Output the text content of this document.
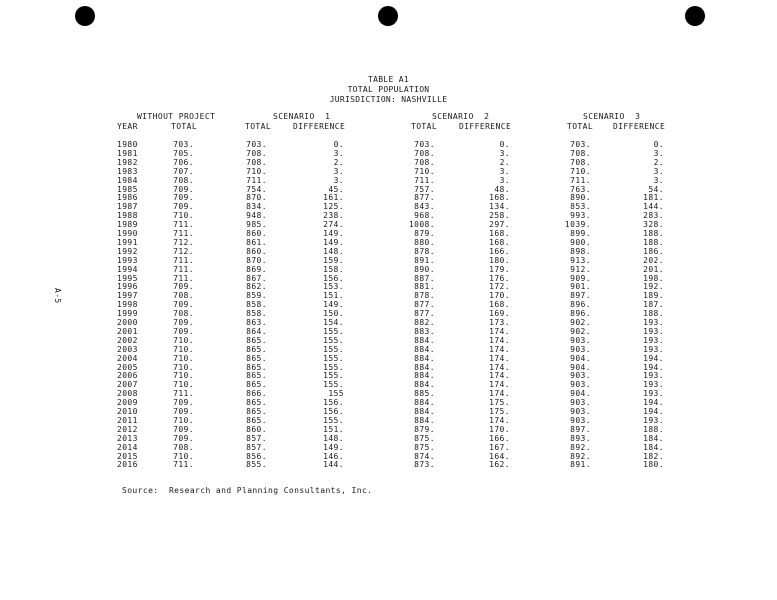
A-5
TABLE A1
TOTAL POPULATION
JURISDICTION: NASHVILLE
WITHOUT PROJECT	SCENARIO  1	SCENARIO  2	SCENARIO  3
YEAR	TOTAL	TOTAL	DIFFERENCE	TOTAL	DIFFERENCE	TOTAL DIFFERENCE
1980	703.	703.	0.	703.	0.	703.	0.
1981	705.	708.	3.	708.	3.	708.	3.
1982	706.	708.	2.	708.	2.	708.	2.
1983	707.	710.	3.	710.	3.	710.	3.
1984	708.	711.	3.	711.	3.	711.	3.
1985	709.	754.	45.	757.	48.	763.	54.
1986	709.	870.	161.	877.	168.	890.	181.
1987	709.	834.	125.	843.	134.	853.	144.
1988	710.	948.	238.	968.	258.	993.	283.
1989	711.	985.	274.	1008.	297.	1039.	328.
1990	711.	860.	149.	879.	168.	899.	188.
1991	712.	861.	149.	880.	168.	900.	188.
1992	712.	860.	148.	878.	166.	898.	186.
1993	711.	870.	159.	891.	180.	913.	202.
1994	711.	869.	158.	890.	179.	912.	201.
1995	711.	867.	156.	887.	176.	909.	198.
1996	709.	862.	153.	881.	172.	901.	192.
1997	708.	859.	151.	878.	170.	897.	189.
1998	709.	858.	149.	877.	168.	896.	187.
1999	708.	858.	150.	877.	169.	896.	188.
2000	709.	863.	154.	882.	173.	902.	193.
2001	709.	864.	155.	883.	174.	902.	193.
2002	710.	865.	155.	884.	174.	903.	193.
2003	710.	865.	155.	884.	174.	903.	193.
2004	710.	865.	155.	884.	174.	904.	194.
2005	710.	865.	155.	884.	174.	904.	194.
2006	710.	865.	155.	884.	174.	903.	193.
2007	710.	865.	155.	884.	174.	903.	193.
2008	711.	866.	155	885.	174.	904.	193.
2009	709.	865.	156.	884.	175.	903.	194.
2010	709.	865.	156.	884.	175.	903.	194.
2011	710.	865.	155.	884.	174.	903.	193.
2012	709.	860.	151.	879.	170.	897.	188.
2013	709.	857.	148.	875.	166.	893.	184.
2014	708.	857.	149.	875.	167.	892.	184.
2015	710.	856.	146.	874.	164.	892.	182.
2016	711.	855.	144.	873.	162.	891.	180.
Source:  Research and Planning Consultants, Inc.
